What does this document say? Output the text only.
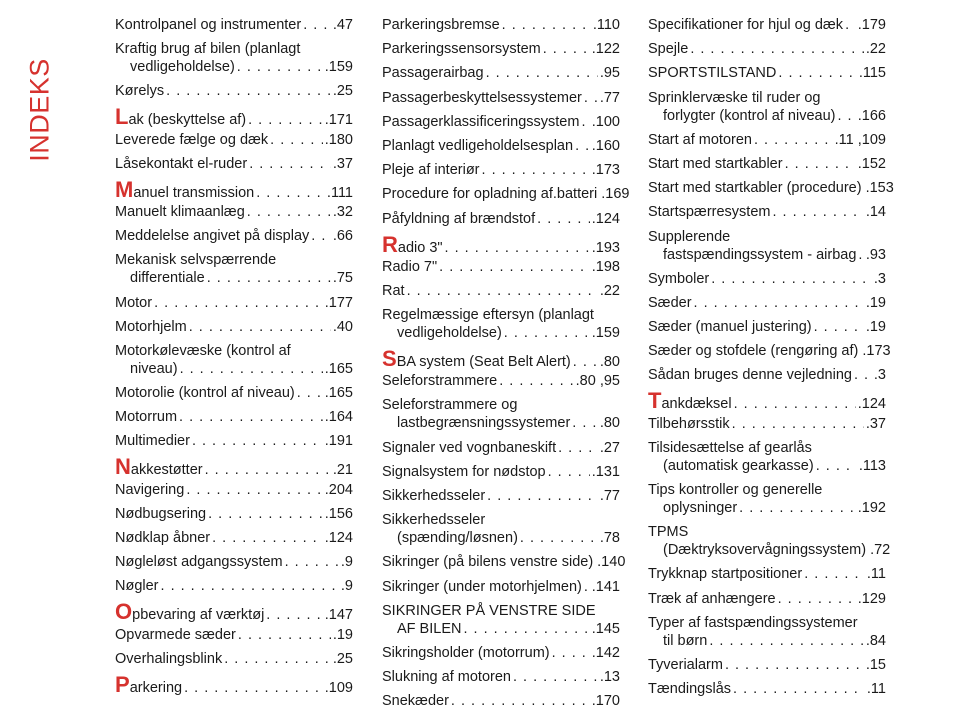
INDEKS
Kontrolpanel og instrumenter . . . .47
Kraftig brug af bilen (planlagt
vedligeholdelse) . . .	.159
Kørelys . . .	.25
L ak (beskyttelse af) . . .	.171
Leverede fælge og dæk . . .	.180
Låsekontakt el-ruder . . .	.37
M anuel transmission . . .	.111
Manuelt klimaanlæg . . .	.32
Meddelelse angivet på display . . . .66
Mekanisk selvspærrende
differentiale . . .	.75
Motor . . .	.177
Motorhjelm . . .	.40
Motorkølevæske (kontrol af
niveau) . . .	.165
Motorolie (kontrol af niveau) . . . .165
Motorrum . . .	.164
Multimedier . . .	.191
N akkestøtter . . .	.21
Navigering . . .	.204
Nødbugsering . . .	.156
Nødklap åbner . . .	.124
Nøgleløst adgangssystem . . .	.9
Nøgler . . .	.9
O pbevaring af værktøj . . .	.147
Opvarmede sæder . . .	.19
Overhalingsblink . . .	.25
P arkering . . .	.109
Parkeringsbremse . . .	.110
Parkeringssensorsystem . . .	.122
Passagerairbag . . .	.95
Passagerbeskyttelsessystemer . . . .77
Passagerklassificeringssystem . . . .100
Planlagt vedligeholdelsesplan . . . .160
Pleje af interiør . . .	.173
Procedure for opladning af.batteri .169
Påfyldning af brændstof . . .	.124
R adio 3" . . .	.193
Radio 7" . . .	.198
Rat . . .	.22
Regelmæssige eftersyn (planlagt
vedligeholdelse) . . .	.159
S BA system (Seat Belt Alert) . . . .80
Seleforstrammere . . .	.80 ,95
Seleforstrammere og
lastbegrænsningssystemer . . . .80
Signaler ved vognbaneskift . . .	.27
Signalsystem for nødstop . . .	.131
Sikkerhedsseler . . .	.77
Sikkerhedsseler
(spænding/løsnen) . . .	.78
Sikringer (på bilens venstre side) .140
Sikringer (under motorhjelmen) . . . .141
SIKRINGER PÅ VENSTRE SIDE
AF BILEN . . .	.145
Sikringsholder (motorrum) . . .	.142
Slukning af motoren . . .	.13
Snekæder . . .	.170
Specifikationer for hjul og dæk . . . .179
Spejle . . .	.22
SPORTSTILSTAND . . .	.115
Sprinklervæske til ruder og
forlygter (kontrol af niveau) . . . .166
Start af motoren . . .	.11 ,109
Start med startkabler . . .	.152
Start med startkabler (procedure) .153
Startspærresystem . . .	.14
Supplerende
fastspændingssystem - airbag . . . .93
Symboler . . .	.3
Sæder . . .	.19
Sæder (manuel justering) . . .	.19
Sæder og stofdele (rengøring af) .173
Sådan bruges denne vejledning . . . .3
T ankdæksel . . .	.124
Tilbehørsstik . . .	.37
Tilsidesættelse af gearlås
(automatisk gearkasse) . . .	.113
Tips kontroller og generelle
oplysninger . . .	.192
TPMS
(Dæktryksovervågningssystem) .72
Trykknap startpositioner . . .	.11
Træk af anhængere . . .	.129
Typer af fastspændingssystemer
til børn . . .	.84
Tyverialarm . . .	.15
Tændingslås . . .	.11
